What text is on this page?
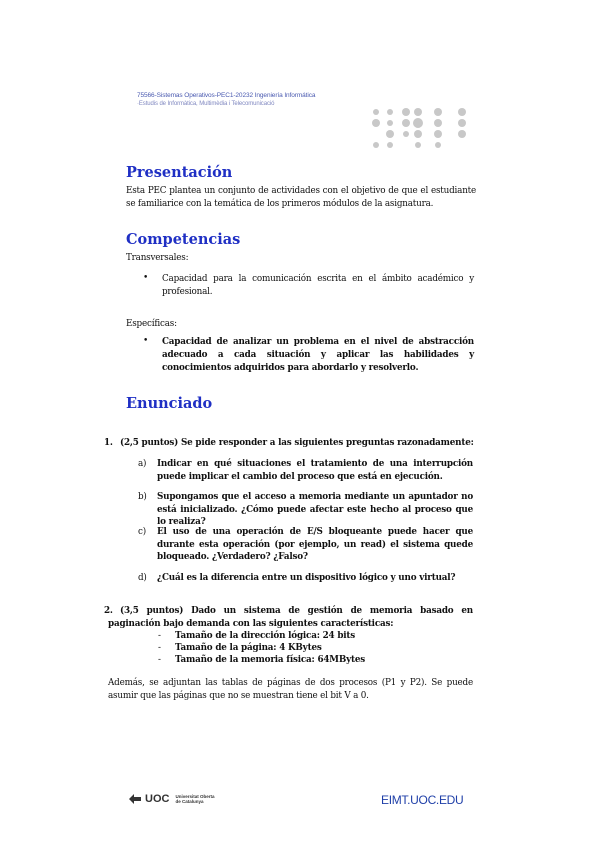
75566-Sistemas Operativos-PEC1-20232 Ingeniería Informática
·Estudis de Informàtica, Multimèdia i Telecomunicació
Presentación
Esta PEC plantea un conjunto de actividades con el objetivo de que el estudiante se familiarice con la temática de los primeros módulos de la asignatura.
Competencias
Transversales:
• Capacidad para la comunicación escrita en el ámbito académico y profesional.
Específicas:
• Capacidad de analizar un problema en el nivel de abstracción adecuado a cada situación y aplicar las habilidades y conocimientos adquiridos para abordarlo y resolverlo.
Enunciado
1. (2,5 puntos) Se pide responder a las siguientes preguntas razonadamente:
a) Indicar en qué situaciones el tratamiento de una interrupción puede implicar el cambio del proceso que está en ejecución.
b) Supongamos que el acceso a memoria mediante un apuntador no está inicializado. ¿Cómo puede afectar este hecho al proceso que lo realiza?
c) El uso de una operación de E/S bloqueante puede hacer que durante esta operación (por ejemplo, un read) el sistema quede bloqueado. ¿Verdadero? ¿Falso?
d) ¿Cuál es la diferencia entre un dispositivo lógico y uno virtual?
2. (3,5 puntos) Dado un sistema de gestión de memoria basado en paginación bajo demanda con las siguientes características:
- Tamaño de la dirección lógica: 24 bits
- Tamaño de la página: 4 KBytes
- Tamaño de la memoria física: 64MBytes
Además, se adjuntan las tablas de páginas de dos procesos (P1 y P2). Se puede asumir que las páginas que no se muestran tiene el bit V a 0.
UOC Universitat Oberta
de Catalunya	EIMT.UOC.EDU
